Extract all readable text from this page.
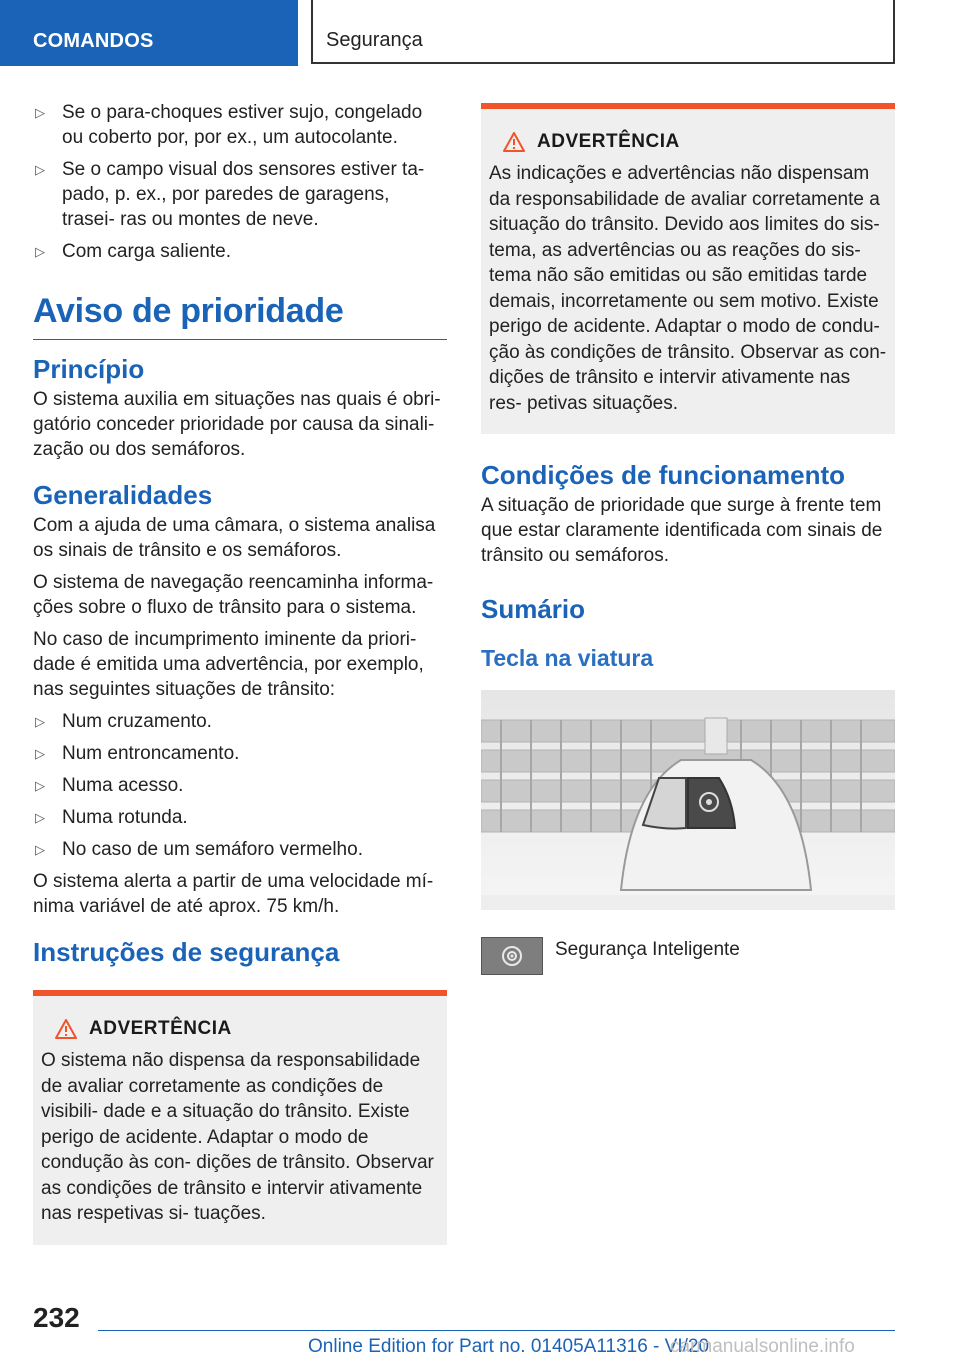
COMANDOS	Segurança
▷ Se o para-choques estiver sujo, congelado ou coberto por, por ex., um autocolante.
▷ Se o campo visual dos sensores estiver ta- pado, p. ex., por paredes de garagens, trasei- ras ou montes de neve.
▷ Com carga saliente.
Aviso de prioridade
Princípio

O sistema auxilia em situações nas quais é obri- gatório conceder prioridade por causa da sinali- zação ou dos semáforos.

Generalidades

Com a ajuda de uma câmara, o sistema analisa os sinais de trânsito e os semáforos.

O sistema de navegação reencaminha informa- ções sobre o fluxo de trânsito para o sistema.

No caso de incumprimento iminente da priori- dade é emitida uma advertência, por exemplo, nas seguintes situações de trânsito:

▷ Num cruzamento.
▷ Num entroncamento.
▷ Numa acesso.
▷ Numa rotunda.
▷ No caso de um semáforo vermelho.

O sistema alerta a partir de uma velocidade mí- nima variável de até aprox. 75 km/h.

Instruções de segurança
ADVERTÊNCIA

O sistema não dispensa da responsabilidade de avaliar corretamente as condições de visibili- dade e a situação do trânsito. Existe perigo de acidente. Adaptar o modo de condução às con- dições de trânsito. Observar as condições de trânsito e intervir ativamente nas respetivas si- tuações.

ADVERTÊNCIA

As indicações e advertências não dispensam da responsabilidade de avaliar corretamente a situação do trânsito. Devido aos limites do sis- tema, as advertências ou as reações do sis- tema não são emitidas ou são emitidas tarde demais, incorretamente ou sem motivo. Existe perigo de acidente. Adaptar o modo de condu- ção às condições de trânsito. Observar as con- dições de trânsito e intervir ativamente nas res- petivas situações.

Condições de funcionamento

A situação de prioridade que surge à frente tem que estar claramente identificada com sinais de trânsito ou semáforos.

Sumário
Tecla na viatura
Segurança Inteligente
232
Online Edition for Part no. 01405A11316 - VI/20
carmanualsonline.info
